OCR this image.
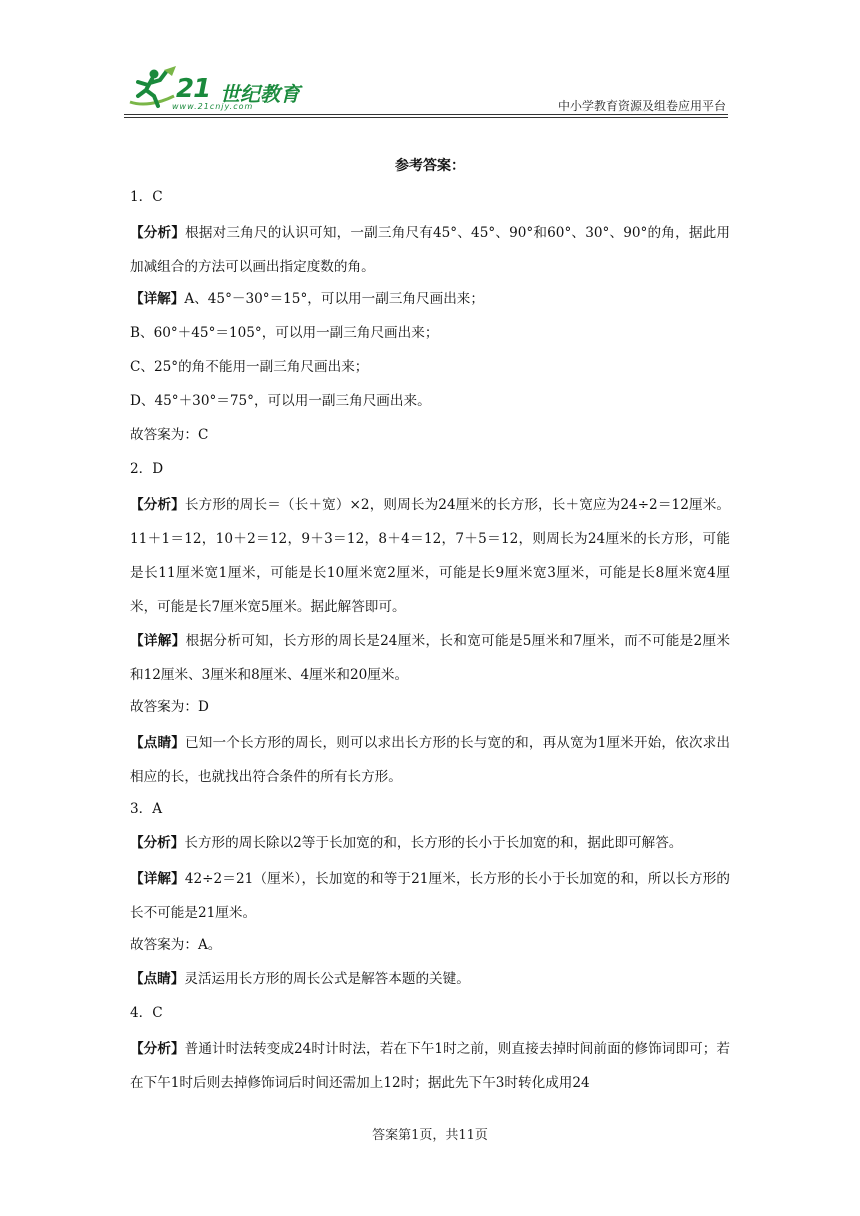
21 世纪教育
www.21cnjy.com	中小学教育资源及组卷应用平台
参考答案：
1．C
【分析】根据对三角尺的认识可知，一副三角尺有45°、45°、90°和60°、30°、90°的角，据此用加减组合的方法可以画出指定度数的角。
【详解】A、45°－30°＝15°，可以用一副三角尺画出来；
B、60°＋45°＝105°，可以用一副三角尺画出来；
C、25°的角不能用一副三角尺画出来；
D、45°＋30°＝75°，可以用一副三角尺画出来。
故答案为：C
2．D
【分析】长方形的周长＝（长＋宽）×2，则周长为24厘米的长方形，长＋宽应为24÷2＝12厘米。11＋1＝12，10＋2＝12，9＋3＝12，8＋4＝12，7＋5＝12，则周长为24厘米的长方形，可能是长11厘米宽1厘米，可能是长10厘米宽2厘米，可能是长9厘米宽3厘米，可能是长8厘米宽4厘米，可能是长7厘米宽5厘米。据此解答即可。
【详解】根据分析可知，长方形的周长是24厘米，长和宽可能是5厘米和7厘米，而不可能是2厘米和12厘米、3厘米和8厘米、4厘米和20厘米。
故答案为：D
【点睛】已知一个长方形的周长，则可以求出长方形的长与宽的和，再从宽为1厘米开始，依次求出相应的长，也就找出符合条件的所有长方形。
3．A
【分析】长方形的周长除以2等于长加宽的和，长方形的长小于长加宽的和，据此即可解答。
【详解】42÷2＝21（厘米），长加宽的和等于21厘米，长方形的长小于长加宽的和，所以长方形的长不可能是21厘米。
故答案为：A。
【点睛】灵活运用长方形的周长公式是解答本题的关键。
4．C
【分析】普通计时法转变成24时计时法，若在下午1时之前，则直接去掉时间前面的修饰词即可；若在下午1时后则去掉修饰词后时间还需加上12时；据此先下午3时转化成用24
答案第1页，共11页
